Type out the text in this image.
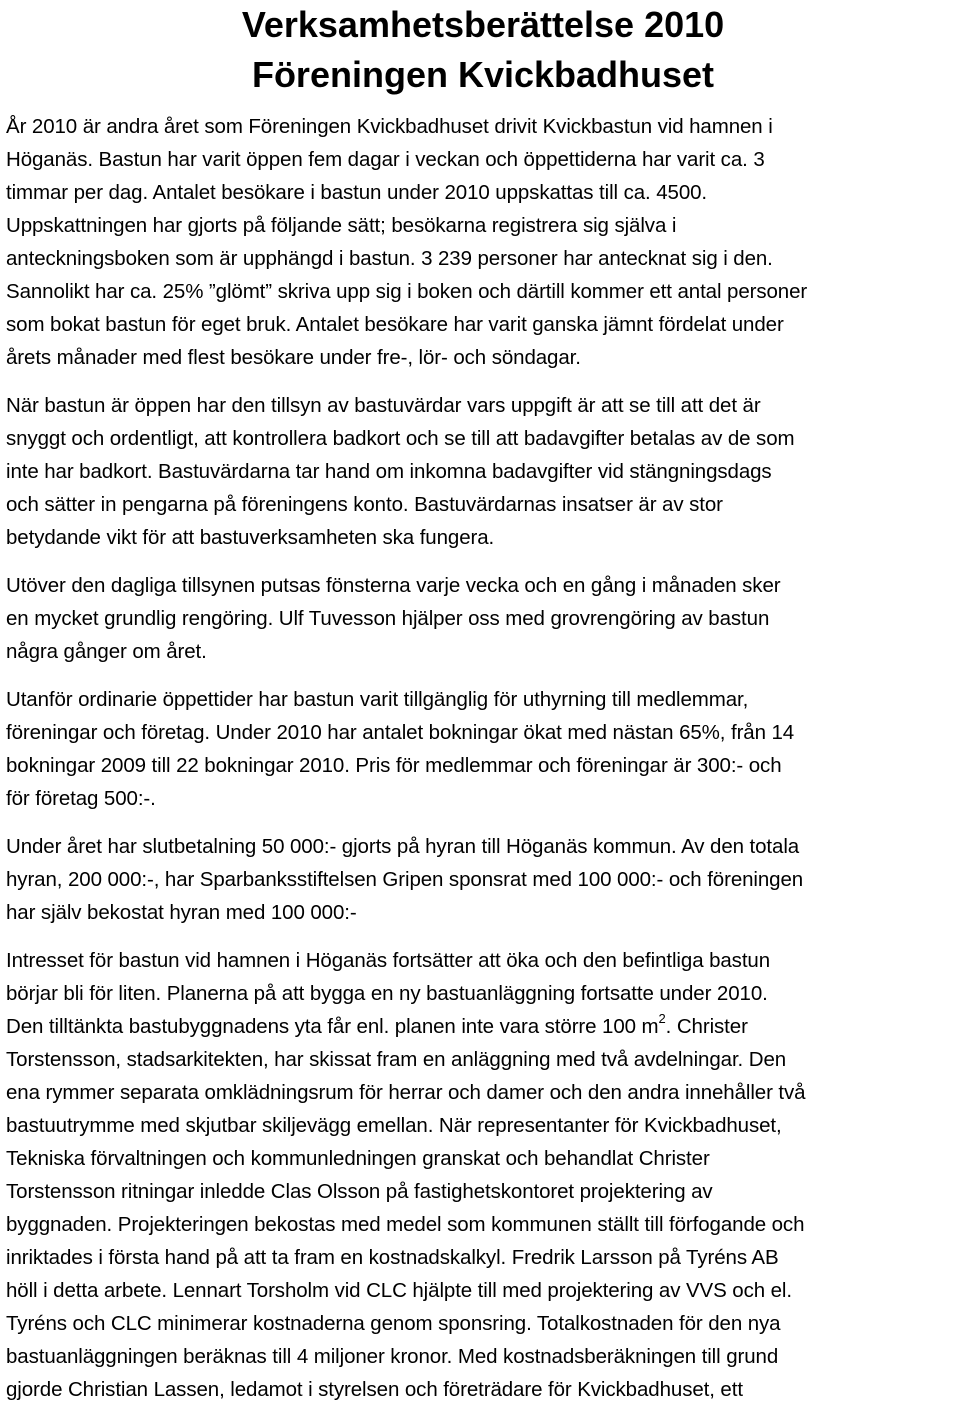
Verksamhetsberättelse 2010
Föreningen Kvickbadhuset

År 2010 är andra året som Föreningen Kvickbadhuset drivit Kvickbastun vid hamnen i
Höganäs. Bastun har varit öppen fem dagar i veckan och öppettiderna har varit ca. 3
timmar per dag. Antalet besökare i bastun under 2010 uppskattas till ca. 4500.
Uppskattningen har gjorts på följande sätt; besökarna registrera sig själva i
anteckningsboken som är upphängd i bastun. 3 239 personer har antecknat sig i den.
Sannolikt har ca. 25% ”glömt” skriva upp sig i boken och därtill kommer ett antal personer
som bokat bastun för eget bruk. Antalet besökare har varit ganska jämnt fördelat under
årets månader med flest besökare under fre-, lör- och söndagar.

När bastun är öppen har den tillsyn av bastuvärdar vars uppgift är att se till att det är
snyggt och ordentligt, att kontrollera badkort och se till att badavgifter betalas av de som
inte har badkort. Bastuvärdarna tar hand om inkomna badavgifter vid stängningsdags
och sätter in pengarna på föreningens konto. Bastuvärdarnas insatser är av stor
betydande vikt för att bastuverksamheten ska fungera.

Utöver den dagliga tillsynen putsas fönsterna varje vecka och en gång i månaden sker
en mycket grundlig rengöring. Ulf Tuvesson hjälper oss med grovrengöring av bastun
några gånger om året.

Utanför ordinarie öppettider har bastun varit tillgänglig för uthyrning till medlemmar,
föreningar och företag. Under 2010 har antalet bokningar ökat med nästan 65%, från 14
bokningar 2009 till 22 bokningar 2010. Pris för medlemmar och föreningar är 300:- och
för företag 500:-.

Under året har slutbetalning 50 000:- gjorts på hyran till Höganäs kommun. Av den totala
hyran, 200 000:-, har Sparbanksstiftelsen Gripen sponsrat med 100 000:- och föreningen
har själv bekostat hyran med 100 000:-

Intresset för bastun vid hamnen i Höganäs fortsätter att öka och den befintliga bastun
börjar bli för liten. Planerna på att bygga en ny bastuanläggning fortsatte under 2010.
Den tilltänkta bastubyggnadens yta får enl. planen inte vara större 100 $m^2$. Christer
Torstensson, stadsarkitekten, har skissat fram en anläggning med två avdelningar. Den
ena rymmer separata omklädningsrum för herrar och damer och den andra innehåller två
bastuutrymme med skjutbar skiljevägg emellan. När representanter för Kvickbadhuset,
Tekniska förvaltningen och kommunledningen granskat och behandlat Christer
Torstensson ritningar inledde Clas Olsson på fastighetskontoret projektering av
byggnaden. Projekteringen bekostas med medel som kommunen ställt till förfogande och
inriktades i första hand på att ta fram en kostnadskalkyl. Fredrik Larsson på Tyréns AB
höll i detta arbete. Lennart Torsholm vid CLC hjälpte till med projektering av VVS och el.
Tyréns och CLC minimerar kostnaderna genom sponsring. Totalkostnaden för den nya
bastuanläggningen beräknas till 4 miljoner kronor. Med kostnadsberäkningen till grund
gjorde Christian Lassen, ledamot i styrelsen och företrädare för Kvickbadhuset, ett
